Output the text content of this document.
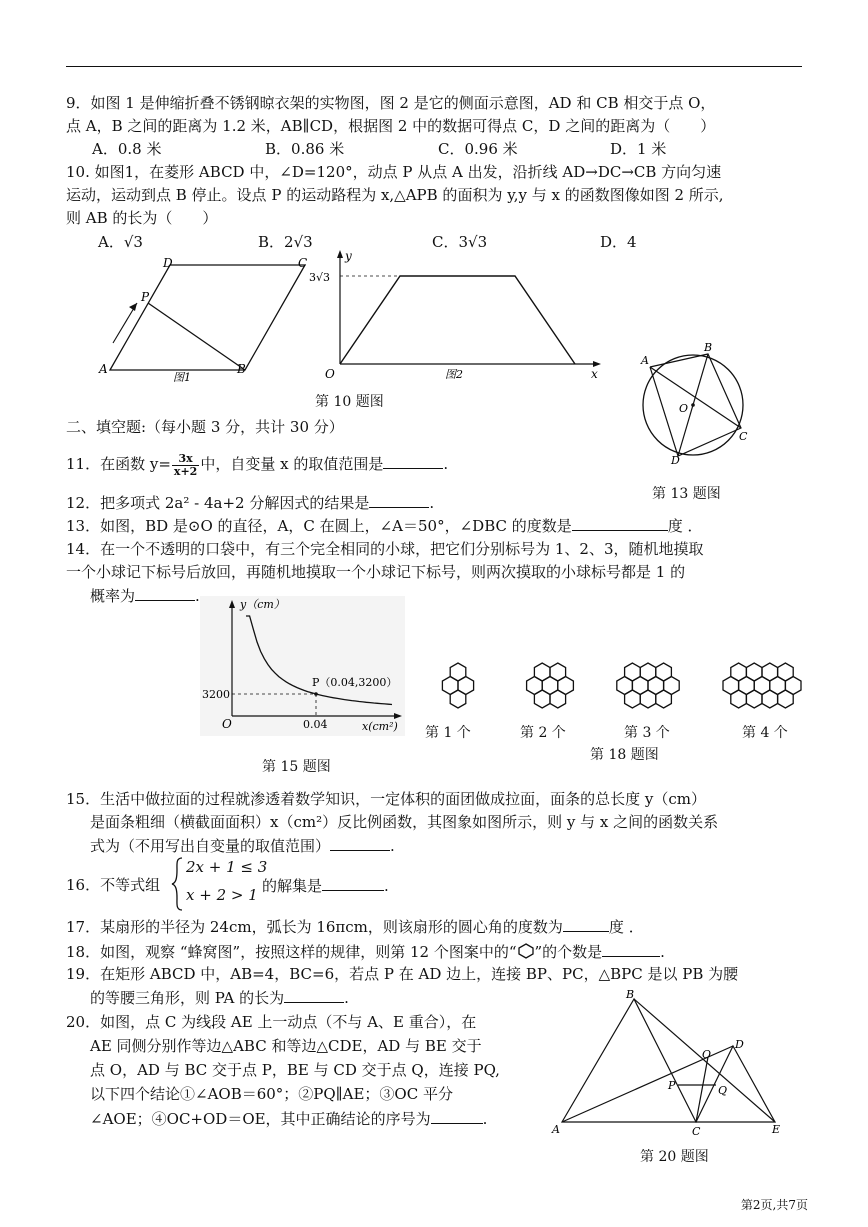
9．如图 1 是伸缩折叠不锈钢晾衣架的实物图，图 2 是它的侧面示意图，AD 和 CB 相交于点 O，
点 A，B 之间的距离为 1.2 米，AB∥CD，根据图 2 中的数据可得点 C，D 之间的距离为（　　）
A．0.8 米	B．0.86 米	C．0.96 米	D．1 米
10. 如图1，在菱形 ABCD 中，∠D=120°，动点 P 从点 A 出发，沿折线 AD→DC→CB 方向匀速
运动，运动到点 B 停止。设点 P 的运动路程为 x,△APB 的面积为 y,y 与 x 的函数图像如图 2 所示,
则 AB 的长为（　　）
A．√3	B．2√3	C．3√3	D．4
A	B
C
D
P
图1
3√3
y
x
O	图2
第 10 题图
A
B
C
D
O
第 13 题图
二、填空题:（每小题 3 分，共计 30 分）
11．在函数 $y= \frac{3x}{x+2}$ 中，自变量 x 的取值范围是	.
12．把多项式 2a² - 4a+2 分解因式的结果是	.
13．如图，BD 是⊙O 的直径，A，C 在圆上，∠A＝50°，∠DBC 的度数是	度 ．
14．在一个不透明的口袋中，有三个完全相同的小球，把它们分别标号为 1、2、3，随机地摸取
一个小球记下标号后放回，再随机地摸取一个小球记下标号，则两次摸取的小球标号都是 1 的
概率为	.	y（cm）
x(cm²)
O
P（0.04,3200）
3200
0.04
第 15 题图
第 1 个	第 2 个	第 3 个	第 4 个
第 18 题图
15．生活中做拉面的过程就渗透着数学知识，一定体积的面团做成拉面，面条的总长度 y（cm）
是面条粗细（横截面面积）x（cm²）反比例函数，其图象如图所示，则 y 与 x 之间的函数关系
式为（不用写出自变量的取值范围）	.
16．不等式组
2x + 1 ≤ 3
x + 2 > 1 的解集是	.
17．某扇形的半径为 24cm，弧长为 16πcm，则该扇形的圆心角的度数为	度 ．
18．如图，观察 “蜂窝图”，按照这样的规律，则第 12 个图案中的“ ”的个数是	.
19．在矩形 ABCD 中，AB=4，BC=6，若点 P 在 AD 边上，连接 BP、PC，△BPC 是以 PB 为腰
的等腰三角形，则 PA 的长为	.
20．如图，点 C 为线段 AE 上一动点（不与 A、E 重合），在
AE 同侧分别作等边△ABC 和等边△CDE，AD 与 BE 交于
点 O，AD 与 BC 交于点 P，BE 与 CD 交于点 Q，连接 PQ,
以下四个结论①∠AOB＝60°；②PQ∥AE；③OC 平分
∠AOE；④OC+OD＝OE，其中正确结论的序号为	.
A
B
C
D
E
O
P	Q
第 20 题图
第2页,共7页
